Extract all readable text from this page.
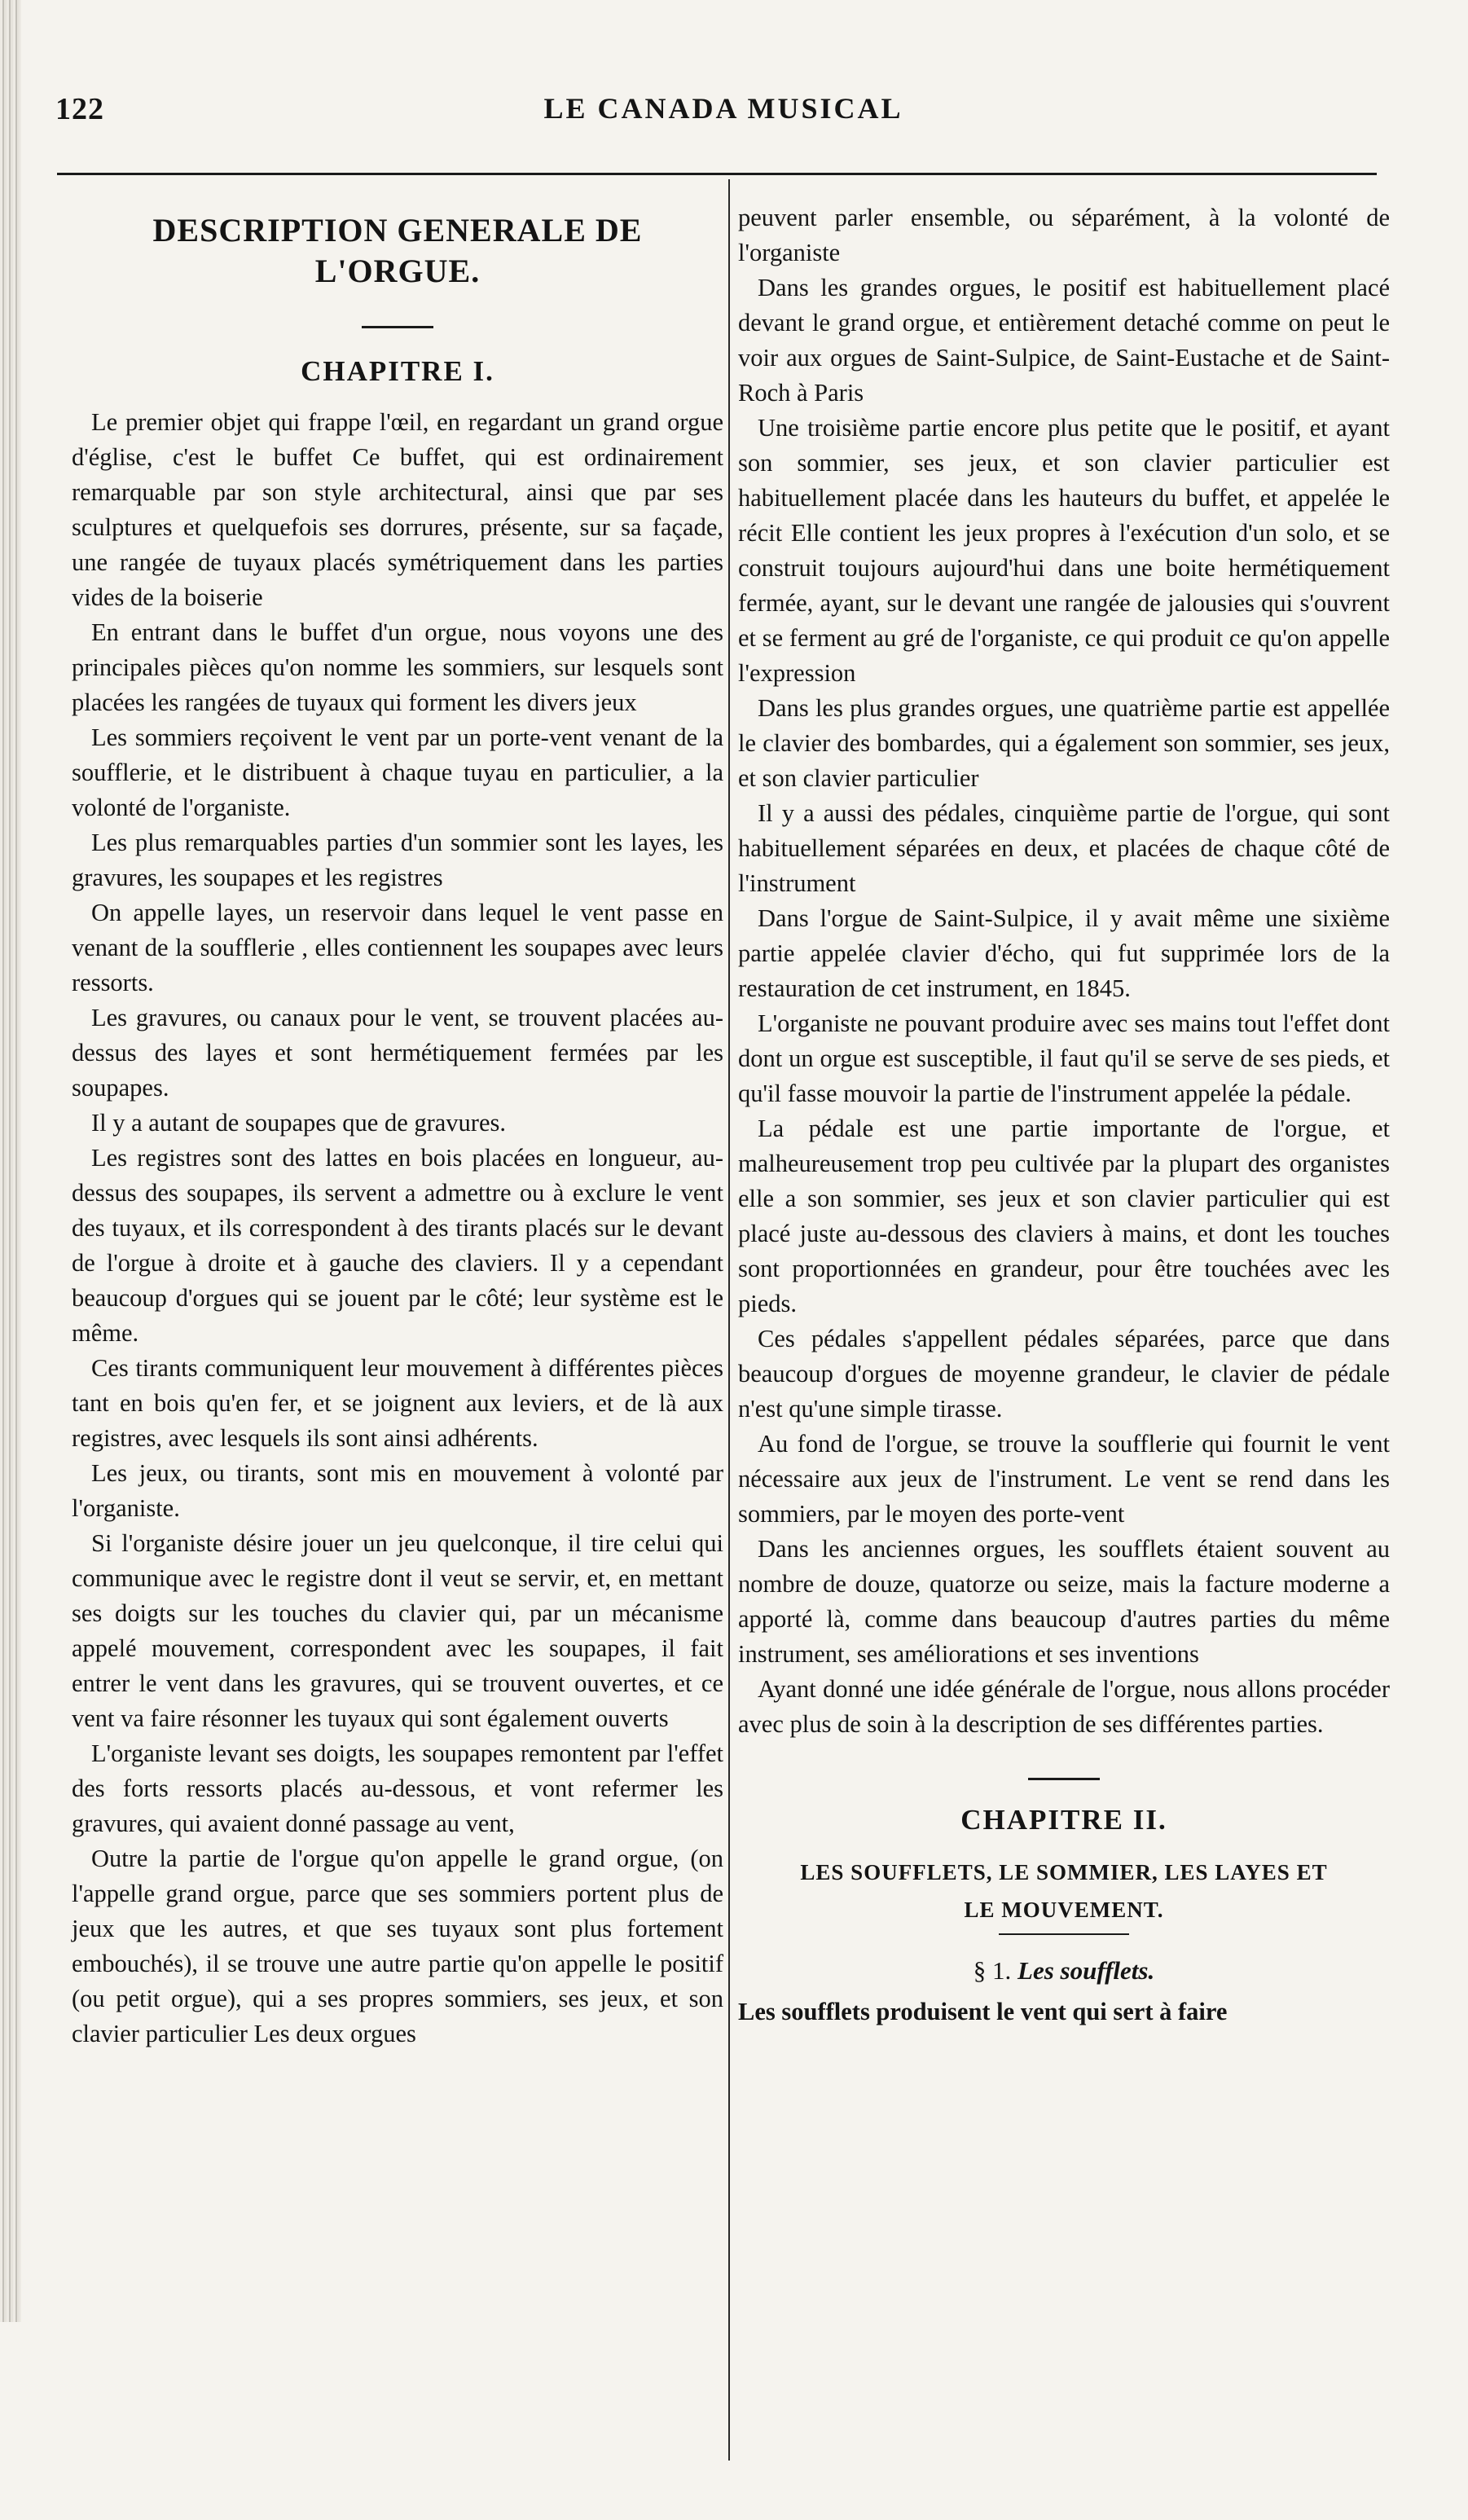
122	LE CANADA MUSICAL
DESCRIPTION GENERALE DE L'ORGUE.
CHAPITRE I.

Le premier objet qui frappe l'œil, en regardant un grand orgue d'église, c'est le buffet Ce buffet, qui est ordinairement remarquable par son style architectural, ainsi que par ses sculptures et quelquefois ses dorrures, présente, sur sa façade, une rangée de tuyaux placés symétriquement dans les parties vides de la boiserie

En entrant dans le buffet d'un orgue, nous voyons une des principales pièces qu'on nomme les sommiers, sur lesquels sont placées les rangées de tuyaux qui forment les divers jeux

Les sommiers reçoivent le vent par un porte-vent venant de la soufflerie, et le distribuent à chaque tuyau en particulier, a la volonté de l'organiste.

Les plus remarquables parties d'un sommier sont les layes, les gravures, les soupapes et les registres

On appelle layes, un reservoir dans lequel le vent passe en venant de la soufflerie , elles contiennent les soupapes avec leurs ressorts.

Les gravures, ou canaux pour le vent, se trouvent placées au-dessus des layes et sont hermétiquement fermées par les soupapes.

Il y a autant de soupapes que de gravures.

Les registres sont des lattes en bois placées en longueur, au-dessus des soupapes, ils servent a admettre ou à exclure le vent des tuyaux, et ils correspondent à des tirants placés sur le devant de l'orgue à droite et à gauche des claviers. Il y a cependant beaucoup d'orgues qui se jouent par le côté; leur système est le même.

Ces tirants communiquent leur mouvement à différentes pièces tant en bois qu'en fer, et se joignent aux leviers, et de là aux registres, avec lesquels ils sont ainsi adhérents.

Les jeux, ou tirants, sont mis en mouvement à volonté par l'organiste.

Si l'organiste désire jouer un jeu quelconque, il tire celui qui communique avec le registre dont il veut se servir, et, en mettant ses doigts sur les touches du clavier qui, par un mécanisme appelé mouvement, correspondent avec les soupapes, il fait entrer le vent dans les gravures, qui se trouvent ouvertes, et ce vent va faire résonner les tuyaux qui sont également ouverts

L'organiste levant ses doigts, les soupapes remontent par l'effet des forts ressorts placés au-dessous, et vont refermer les gravures, qui avaient donné passage au vent,

Outre la partie de l'orgue qu'on appelle le grand orgue, (on l'appelle grand orgue, parce que ses sommiers portent plus de jeux que les autres, et que ses tuyaux sont plus fortement embouchés), il se trouve une autre partie qu'on appelle le positif (ou petit orgue), qui a ses propres sommiers, ses jeux, et son clavier particulier Les deux orgues

peuvent parler ensemble, ou séparément, à la volonté de l'organiste

Dans les grandes orgues, le positif est habituellement placé devant le grand orgue, et entièrement detaché comme on peut le voir aux orgues de Saint-Sulpice, de Saint-Eustache et de Saint-Roch à Paris

Une troisième partie encore plus petite que le positif, et ayant son sommier, ses jeux, et son clavier particulier est habituellement placée dans les hauteurs du buffet, et appelée le récit Elle contient les jeux propres à l'exécution d'un solo, et se construit toujours aujourd'hui dans une boite hermétiquement fermée, ayant, sur le devant une rangée de jalousies qui s'ouvrent et se ferment au gré de l'organiste, ce qui produit ce qu'on appelle l'expression

Dans les plus grandes orgues, une quatrième partie est appellée le clavier des bombardes, qui a également son sommier, ses jeux, et son clavier particulier

Il y a aussi des pédales, cinquième partie de l'orgue, qui sont habituellement séparées en deux, et placées de chaque côté de l'instrument

Dans l'orgue de Saint-Sulpice, il y avait même une sixième partie appelée clavier d'écho, qui fut supprimée lors de la restauration de cet instrument, en 1845.

L'organiste ne pouvant produire avec ses mains tout l'effet dont dont un orgue est susceptible, il faut qu'il se serve de ses pieds, et qu'il fasse mouvoir la partie de l'instrument appelée la pédale.

La pédale est une partie importante de l'orgue, et malheureusement trop peu cultivée par la plupart des organistes elle a son sommier, ses jeux et son clavier particulier qui est placé juste au-dessous des claviers à mains, et dont les touches sont proportionnées en grandeur, pour être touchées avec les pieds.

Ces pédales s'appellent pédales séparées, parce que dans beaucoup d'orgues de moyenne grandeur, le clavier de pédale n'est qu'une simple tirasse.

Au fond de l'orgue, se trouve la soufflerie qui fournit le vent nécessaire aux jeux de l'instrument. Le vent se rend dans les sommiers, par le moyen des porte-vent

Dans les anciennes orgues, les soufflets étaient souvent au nombre de douze, quatorze ou seize, mais la facture moderne a apporté là, comme dans beaucoup d'autres parties du même instrument, ses améliorations et ses inventions

Ayant donné une idée générale de l'orgue, nous allons procéder avec plus de soin à la description de ses différentes parties.

CHAPITRE II.
LES SOUFFLETS, LE SOMMIER, LES LAYES ET
LE MOUVEMENT.
§ 1. Les soufflets.

Les soufflets produisent le vent qui sert à faire
